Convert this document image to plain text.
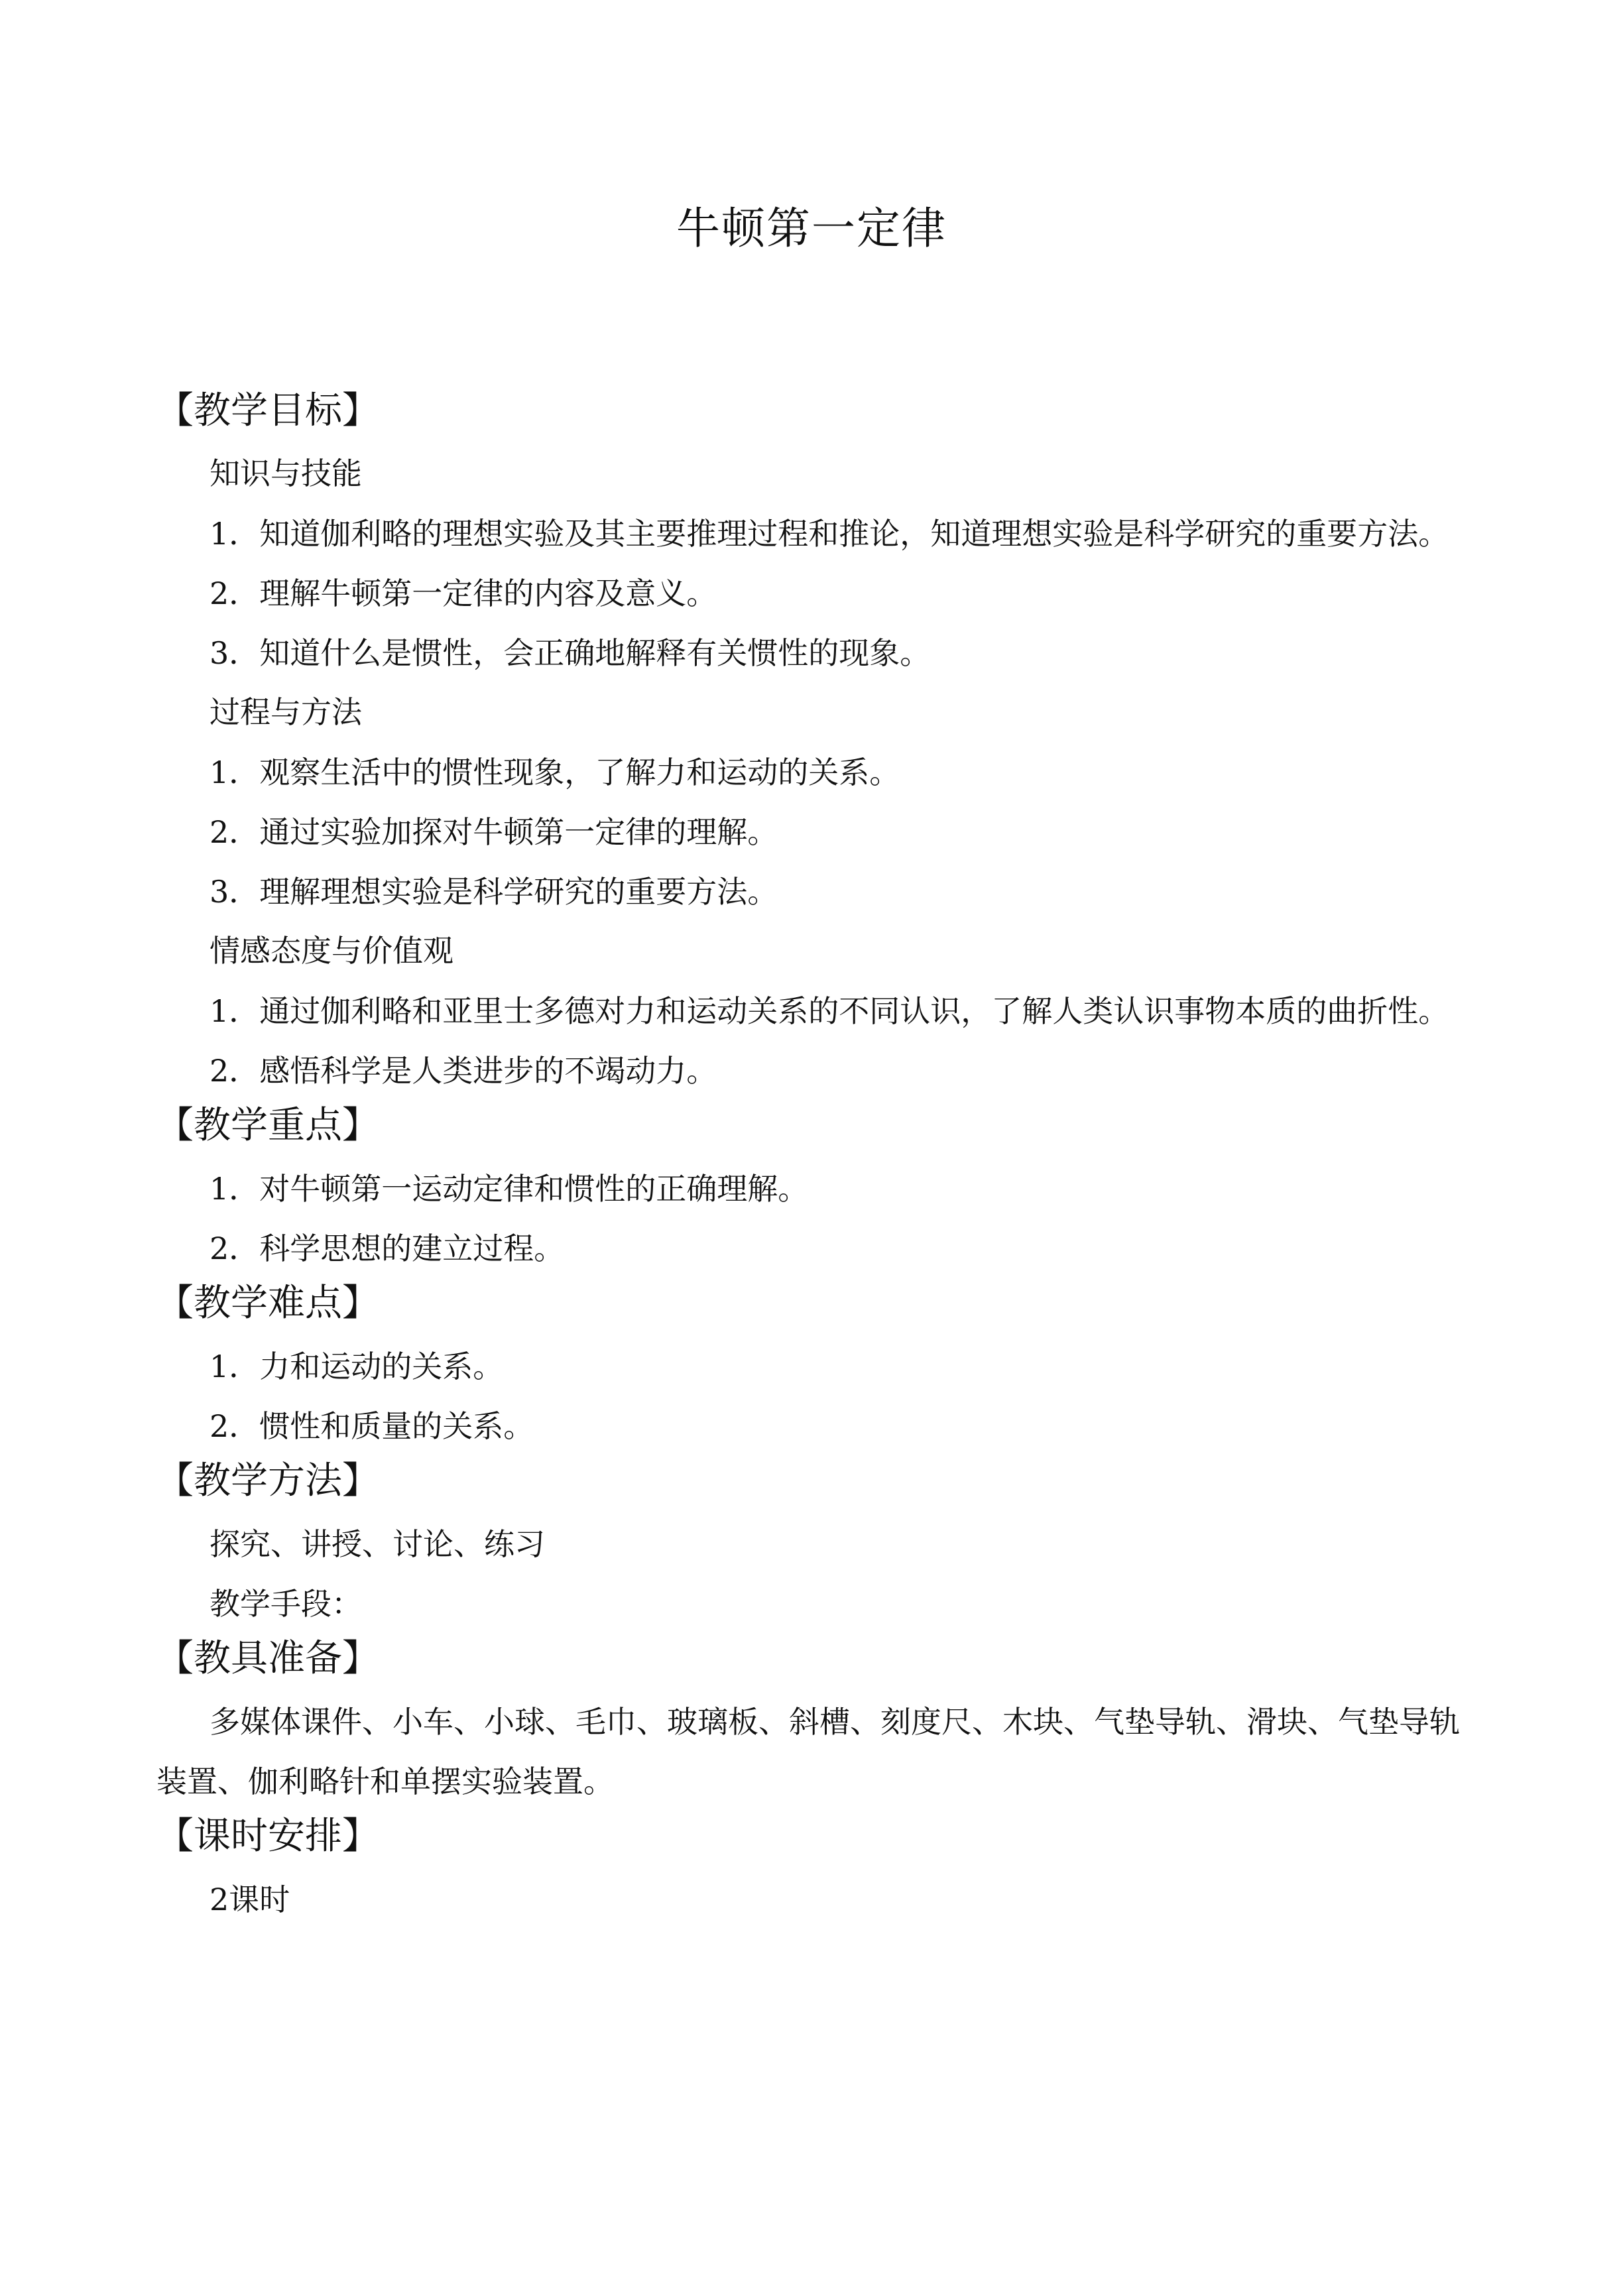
牛顿第一定律
【教学目标】
知识与技能

1．知道伽利略的理想实验及其主要推理过程和推论，知道理想实验是科学研究的重要方法。

2．理解牛顿第一定律的内容及意义。

3．知道什么是惯性，会正确地解释有关惯性的现象。

过程与方法

1．观察生活中的惯性现象，了解力和运动的关系。

2．通过实验加探对牛顿第一定律的理解。

3．理解理想实验是科学研究的重要方法。

情感态度与价值观

1．通过伽利略和亚里士多德对力和运动关系的不同认识，了解人类认识事物本质的曲折性。

2．感悟科学是人类进步的不竭动力。

【教学重点】

1．对牛顿第一运动定律和惯性的正确理解。

2．科学思想的建立过程。

【教学难点】

1．力和运动的关系。

2．惯性和质量的关系。

【教学方法】

探究、讲授、讨论、练习

教学手段：

【教具准备】

多媒体课件、小车、小球、毛巾、玻璃板、斜槽、刻度尺、木块、气垫导轨、滑块、气垫导轨装置、伽利略针和单摆实验装置。

【课时安排】

2课时
